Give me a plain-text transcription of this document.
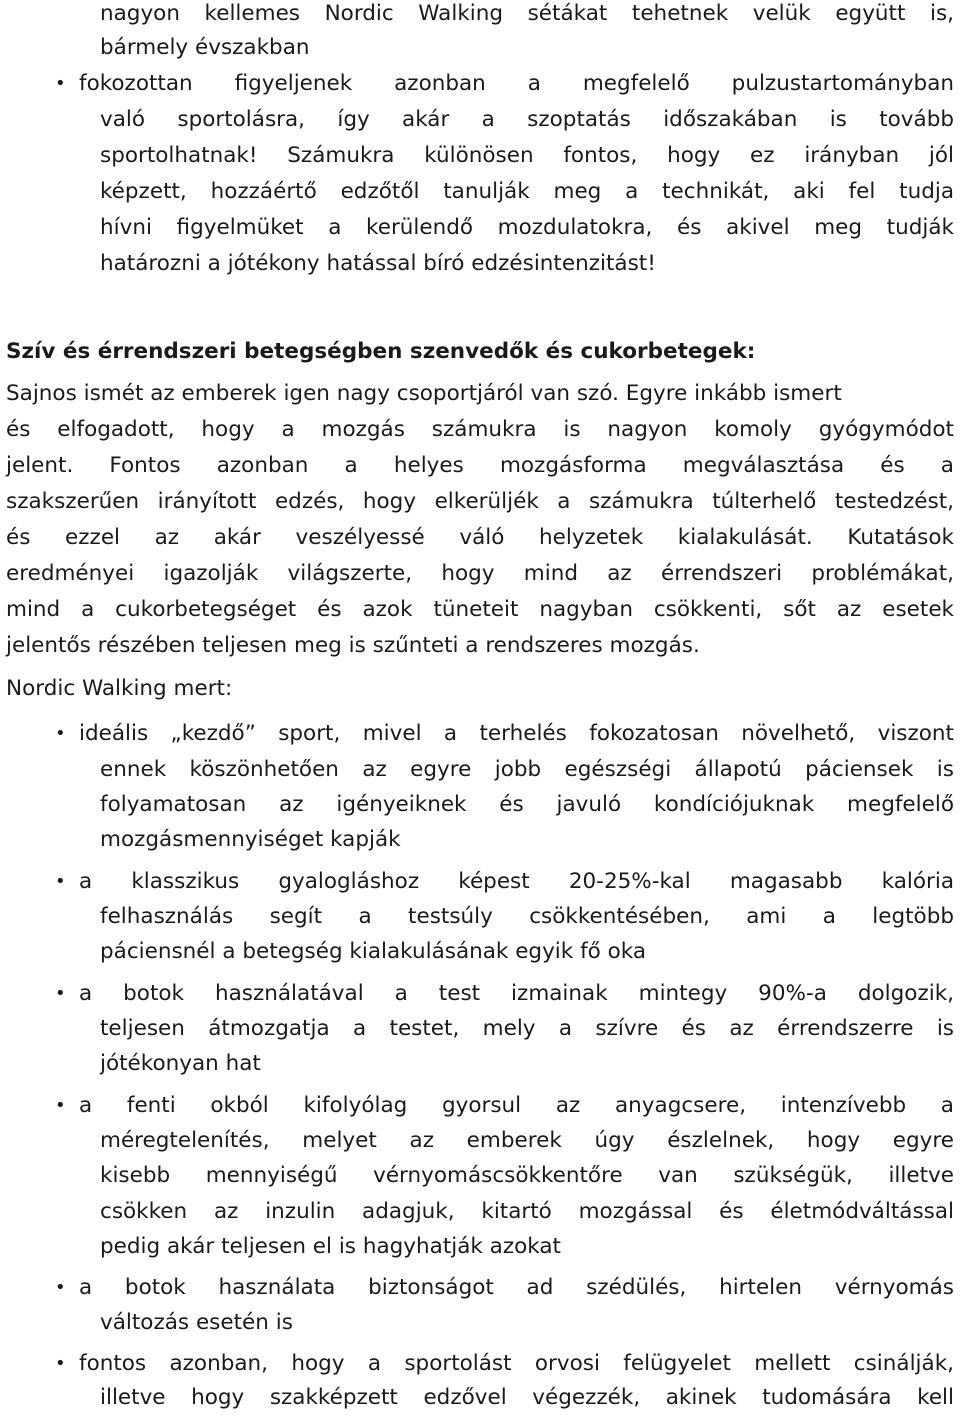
nagyon kellemes Nordic Walking sétákat tehetnek velük együtt is,
bármely évszakban
• fokozottan figyeljenek azonban a megfelelő pulzustartományban
való sportolásra, így akár a szoptatás időszakában is tovább
sportolhatnak! Számukra különösen fontos, hogy ez irányban jól
képzett, hozzáértő edzőtől tanulják meg a technikát, aki fel tudja
hívni figyelmüket a kerülendő mozdulatokra, és akivel meg tudják
határozni a jótékony hatással bíró edzésintenzitást!
Szív és érrendszeri betegségben szenvedők és cukorbetegek:
Sajnos ismét az emberek igen nagy csoportjáról van szó. Egyre inkább ismert
és elfogadott, hogy a mozgás számukra is nagyon komoly gyógymódot
jelent. Fontos azonban a helyes mozgásforma megválasztása és a
szakszerűen irányított edzés, hogy elkerüljék a számukra túlterhelő testedzést,
és ezzel az akár veszélyessé váló helyzetek kialakulását. Kutatások
eredményei igazolják világszerte, hogy mind az érrendszeri problémákat,
mind a cukorbetegséget és azok tüneteit nagyban csökkenti, sőt az esetek
jelentős részében teljesen meg is szűnteti a rendszeres mozgás.
Nordic Walking mert:
• ideális „kezdő” sport, mivel a terhelés fokozatosan növelhető, viszont
ennek köszönhetően az egyre jobb egészségi állapotú páciensek is
folyamatosan az igényeiknek és javuló kondíciójuknak megfelelő
mozgásmennyiséget kapják
• a klasszikus gyalogláshoz képest 20-25%-kal magasabb kalória
felhasználás segít a testsúly csökkentésében, ami a legtöbb
páciensnél a betegség kialakulásának egyik fő oka
• a botok használatával a test izmainak mintegy 90%-a dolgozik,
teljesen átmozgatja a testet, mely a szívre és az érrendszerre is
jótékonyan hat
• a fenti okból kifolyólag gyorsul az anyagcsere, intenzívebb a
méregtelenítés, melyet az emberek úgy észlelnek, hogy egyre
kisebb mennyiségű vérnyomáscsökkentőre van szükségük, illetve
csökken az inzulin adagjuk, kitartó mozgással és életmódváltással
pedig akár teljesen el is hagyhatják azokat
• a botok használata biztonságot ad szédülés, hirtelen vérnyomás
változás esetén is
• fontos azonban, hogy a sportolást orvosi felügyelet mellett csinálják,
illetve hogy szakképzett edzővel végezzék, akinek tudomására kell
